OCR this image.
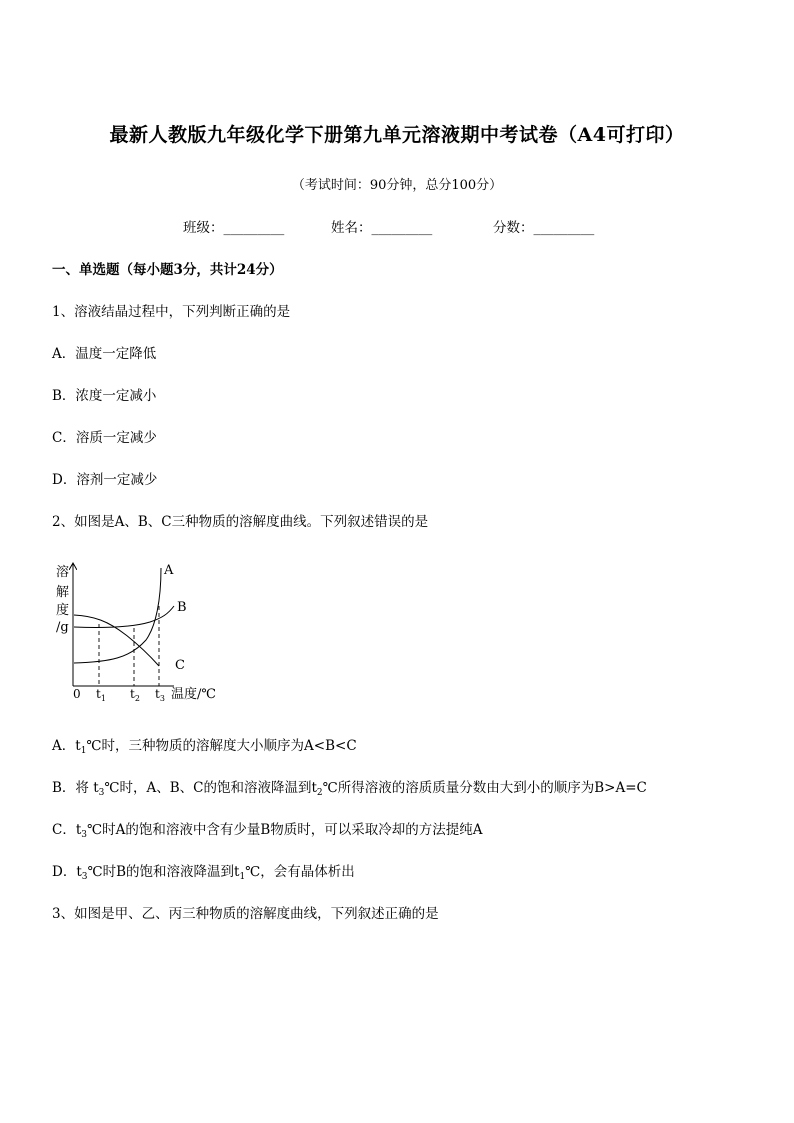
最新人教版九年级化学下册第九单元溶液期中考试卷（A4可打印）
（考试时间：90分钟，总分100分）
班级：_________	姓名：_________	分数：_________
一、单选题（每小题3分，共计24分）
1、溶液结晶过程中，下列判断正确的是
A．温度一定降低
B．浓度一定减小
C．溶质一定减少
D．溶剂一定减少
2、如图是A、B、C三种物质的溶解度曲线。下列叙述错误的是
溶
解
度
/g
A
B
C
0 $t_1$ $t_2$ $t_3$ 温度/℃
A．$t_1℃$时，三种物质的溶解度大小顺序为A<B<C
B．将 $t_3℃$时，A、B、C的饱和溶液降温到$t_2℃$所得溶液的溶质质量分数由大到小的顺序为B>A=C
C．$t_3℃$时A的饱和溶液中含有少量B物质时，可以采取冷却的方法提纯A
D．$t_3℃$时B的饱和溶液降温到$t_1℃$，会有晶体析出
3、如图是甲、乙、丙三种物质的溶解度曲线，下列叙述正确的是
